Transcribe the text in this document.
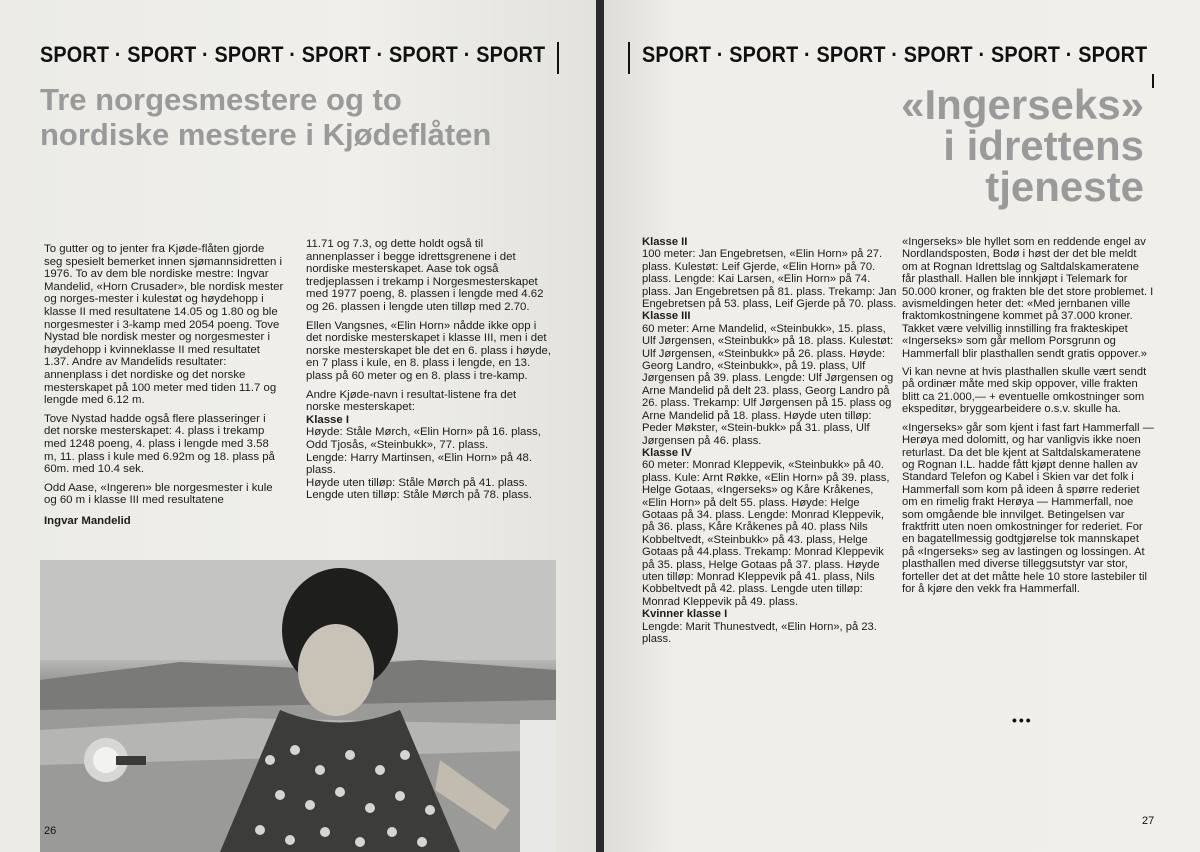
SPORT · SPORT · SPORT · SPORT · SPORT · SPORT
Tre norgesmestere og to
nordiske mestere i Kjødeflåten

To gutter og to jenter fra Kjøde-flåten gjorde seg spesielt bemerket innen sjømannsidretten i 1976. To av dem ble nordiske mestre: Ingvar Mandelid, «Horn Crusader», ble nordisk mester og norges-mester i kulestøt og høydehopp i klasse II med resultatene 14.05 og 1.80 og ble norgesmester i 3-kamp med 2054 poeng. Tove Nystad ble nordisk mester og norgesmester i høydehopp i kvinneklasse II med resultatet 1.37. Andre av Mandelids resultater: annenplass i det nordiske og det norske mesterskapet på 100 meter med tiden 11.7 og lengde med 6.12 m.

Tove Nystad hadde også flere plasseringer i det norske mesterskapet: 4. plass i trekamp med 1248 poeng, 4. plass i lengde med 3.58 m, 11. plass i kule med 6.92m og 18. plass på 60m. med 10.4 sek.

Odd Aase, «Ingeren» ble norgesmester i kule og 60 m i klasse III med resultatene

Ingvar Mandelid

11.71 og 7.3, og dette holdt også til annenplasser i begge idrettsgrenene i det nordiske mesterskapet. Aase tok også tredjeplassen i trekamp i Norgesmesterskapet med 1977 poeng, 8. plassen i lengde med 4.62 og 26. plassen i lengde uten tilløp med 2.70.

Ellen Vangsnes, «Elin Horn» nådde ikke opp i det nordiske mesterskapet i klasse III, men i det norske mesterskapet ble det en 6. plass i høyde, en 7 plass i kule, en 8. plass i lengde, en 13. plass på 60 meter og en 8. plass i tre-kamp.

Andre Kjøde-navn i resultat-listene fra det norske mesterskapet:

Klasse I
Høyde: Ståle Mørch, «Elin Horn» på 16. plass, Odd Tjosås, «Steinbukk», 77. plass.
Lengde: Harry Martinsen, «Elin Horn» på 48. plass.
Høyde uten tilløp: Ståle Mørch på 41. plass.
Lengde uten tilløp: Ståle Mørch på 78. plass.
26
SPORT · SPORT · SPORT · SPORT · SPORT · SPORT
«Ingerseks»
i idrettens
tjeneste
Klasse II
100 meter: Jan Engebretsen, «Elin Horn» på 27. plass. Kulestøt: Leif Gjerde, «Elin Horn» på 70. plass. Lengde: Kai Larsen, «Elin Horn» på 74. plass. Jan Engebretsen på 81. plass. Trekamp: Jan Engebretsen på 53. plass, Leif Gjerde på 70. plass.
Klasse III
60 meter: Arne Mandelid, «Steinbukk», 15. plass, Ulf Jørgensen, «Steinbukk» på 18. plass. Kulestøt: Ulf Jørgensen, «Steinbukk» på 26. plass. Høyde: Georg Landro, «Steinbukk», på 19. plass, Ulf Jørgensen på 39. plass. Lengde: Ulf Jørgensen og Arne Mandelid på delt 23. plass, Georg Landro på 26. plass. Trekamp: Ulf Jørgensen på 15. plass og Arne Mandelid på 18. plass. Høyde uten tilløp: Peder Møkster, «Stein-bukk» på 31. plass, Ulf Jørgensen på 46. plass.
Klasse IV
60 meter: Monrad Kleppevik, «Steinbukk» på 40. plass. Kule: Arnt Røkke, «Elin Horn» på 39. plass, Helge Gotaas, «Ingerseks» og Kåre Kråkenes, «Elin Horn» på delt 55. plass. Høyde: Helge Gotaas på 34. plass. Lengde: Monrad Kleppevik, på 36. plass, Kåre Kråkenes på 40. plass Nils Kobbeltvedt, «Steinbukk» på 43. plass, Helge Gotaas på 44.plass. Trekamp: Monrad Kleppevik på 35. plass, Helge Gotaas på 37. plass. Høyde uten tilløp: Monrad Kleppevik på 41. plass, Nils Kobbeltvedt på 42. plass. Lengde uten tilløp: Monrad Kleppevik på 49. plass.
Kvinner klasse I
Lengde: Marit Thunestvedt, «Elin Horn», på 23. plass.

«Ingerseks» ble hyllet som en reddende engel av Nordlandsposten, Bodø i høst der det ble meldt om at Rognan Idrettslag og Saltdalskameratene får plasthall. Hallen ble innkjøpt i Telemark for 50.000 kroner, og frakten ble det store problemet. I avismeldingen heter det: «Med jernbanen ville fraktomkostningene kommet på 37.000 kroner. Takket være velvillig innstilling fra frakteskipet «Ingerseks» som går mellom Porsgrunn og Hammerfall blir plasthallen sendt gratis oppover.»

Vi kan nevne at hvis plasthallen skulle vært sendt på ordinær måte med skip oppover, ville frakten blitt ca 21.000,— + eventuelle omkostninger som ekspeditør, bryggearbeidere o.s.v. skulle ha.

«Ingerseks» går som kjent i fast fart Hammerfall — Herøya med dolomitt, og har vanligvis ikke noen returlast. Da det ble kjent at Saltdalskameratene og Rognan I.L. hadde fått kjøpt denne hallen av Standard Telefon og Kabel i Skien var det folk i Hammerfall som kom på ideen å spørre rederiet om en rimelig frakt Herøya — Hammerfall, noe som omgående ble innvilget. Betingelsen var fraktfritt uten noen omkostninger for rederiet. For en bagatellmessig godtgjørelse tok mannskapet på «Ingerseks» seg av lastingen og lossingen. At plasthallen med diverse tilleggsutstyr var stor, forteller det at det måtte hele 10 store lastebiler til for å kjøre den vekk fra Hammerfall.

•••
27
